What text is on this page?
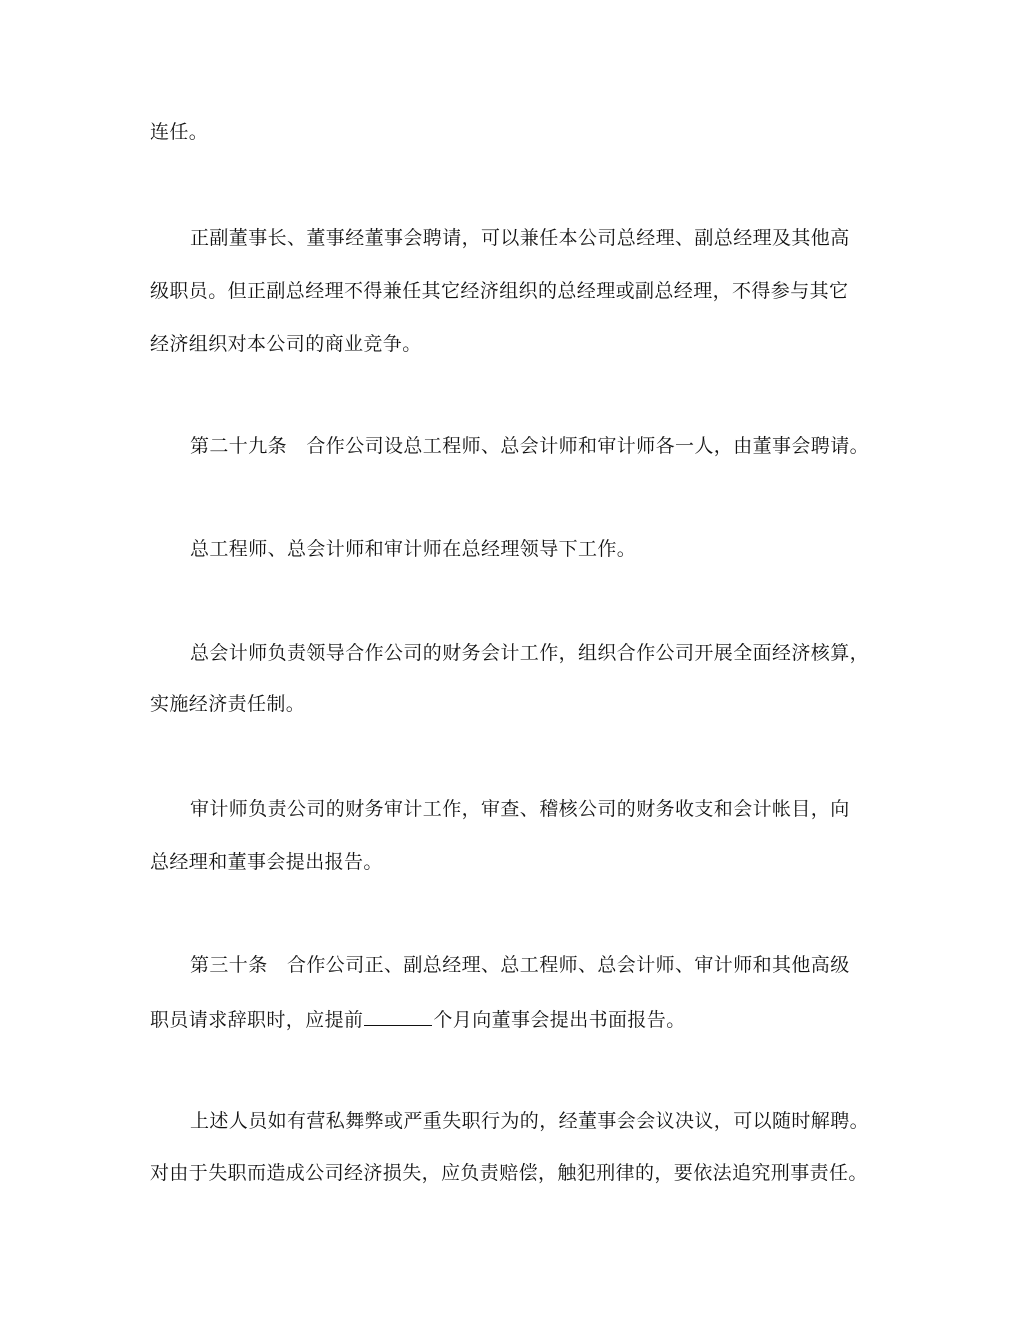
连任。
正副董事长、董事经董事会聘请，可以兼任本公司总经理、副总经理及其他高
级职员。但正副总经理不得兼任其它经济组织的总经理或副总经理，不得参与其它
经济组织对本公司的商业竞争。
第二十九条　合作公司设总工程师、总会计师和审计师各一人，由董事会聘请。
总工程师、总会计师和审计师在总经理领导下工作。
总会计师负责领导合作公司的财务会计工作，组织合作公司开展全面经济核算，
实施经济责任制。
审计师负责公司的财务审计工作，审查、稽核公司的财务收支和会计帐目，向
总经理和董事会提出报告。
第三十条　合作公司正、副总经理、总工程师、总会计师、审计师和其他高级
职员请求辞职时，应提前	个月向董事会提出书面报告。
上述人员如有营私舞弊或严重失职行为的，经董事会会议决议，可以随时解聘。
对由于失职而造成公司经济损失，应负责赔偿，触犯刑律的，要依法追究刑事责任。
